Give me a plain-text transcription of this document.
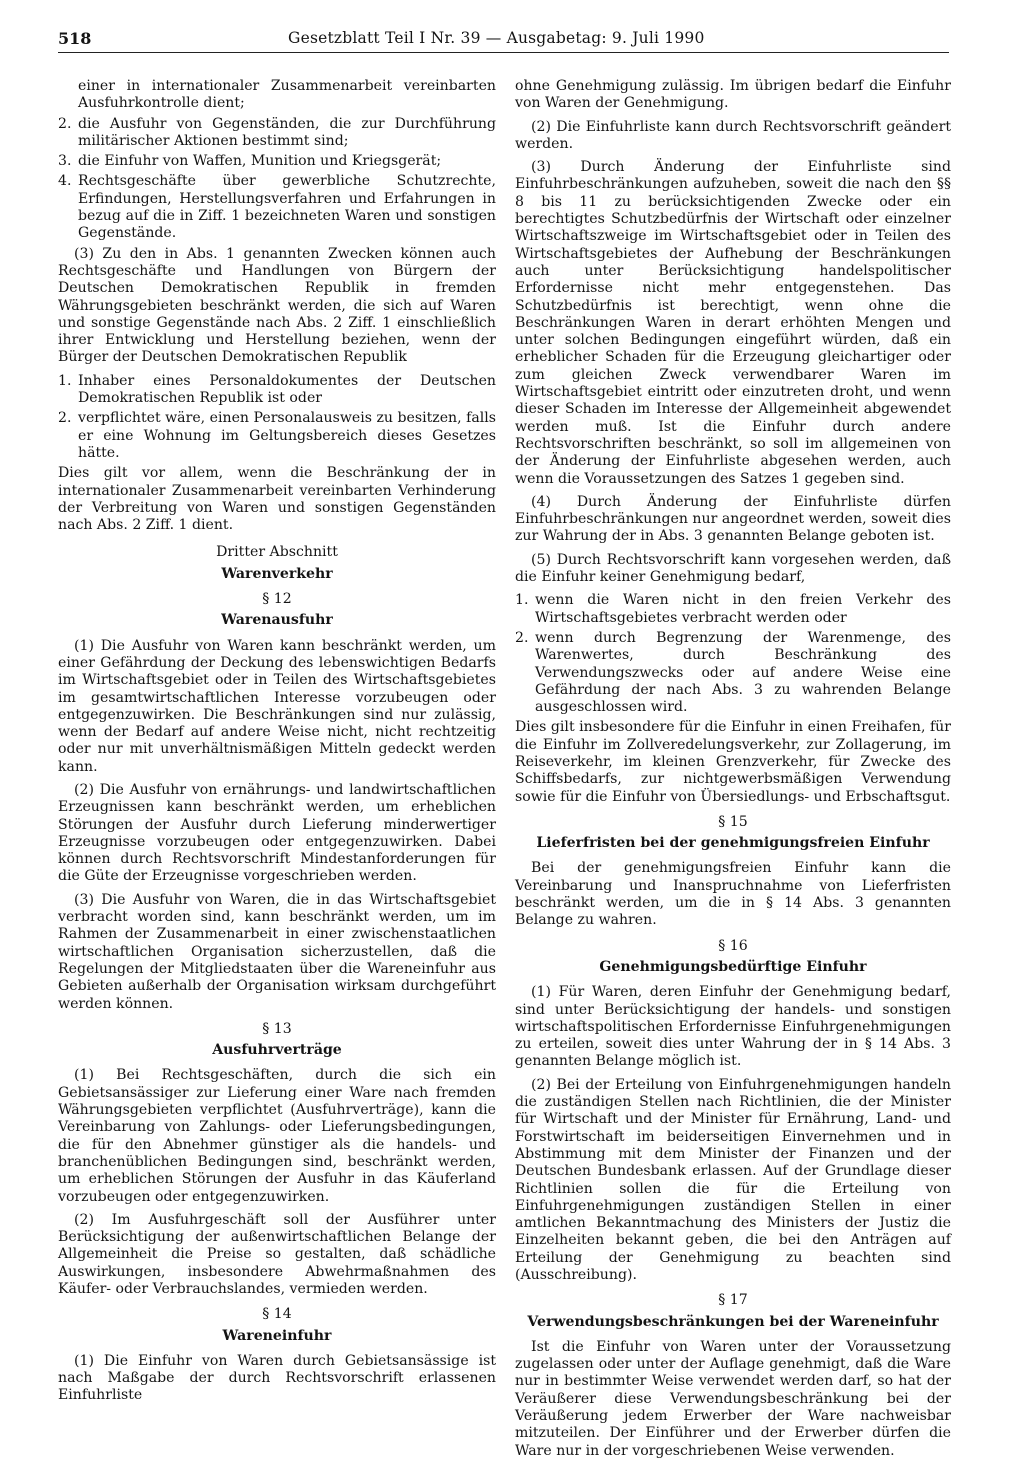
518	Gesetzblatt Teil I Nr. 39 — Ausgabetag: 9. Juli 1990

einer in internationaler Zusammenarbeit vereinbarten Ausfuhrkontrolle dient;

2. die Ausfuhr von Gegenständen, die zur Durchführung militärischer Aktionen bestimmt sind;

3. die Einfuhr von Waffen, Munition und Kriegsgerät;

4. Rechtsgeschäfte über gewerbliche Schutzrechte, Erfindungen, Herstellungsverfahren und Erfahrungen in bezug auf die in Ziff. 1 bezeichneten Waren und sonstigen Gegenstände.

(3) Zu den in Abs. 1 genannten Zwecken können auch Rechtsgeschäfte und Handlungen von Bürgern der Deutschen Demokratischen Republik in fremden Währungsgebieten beschränkt werden, die sich auf Waren und sonstige Gegenstände nach Abs. 2 Ziff. 1 einschließlich ihrer Entwicklung und Herstellung beziehen, wenn der Bürger der Deutschen Demokratischen Republik

1. Inhaber eines Personaldokumentes der Deutschen Demokratischen Republik ist oder

2. verpflichtet wäre, einen Personalausweis zu besitzen, falls er eine Wohnung im Geltungsbereich dieses Gesetzes hätte.

Dies gilt vor allem, wenn die Beschränkung der in internationaler Zusammenarbeit vereinbarten Verhinderung der Verbreitung von Waren und sonstigen Gegenständen nach Abs. 2 Ziff. 1 dient.

Dritter Abschnitt

Warenverkehr

§ 12

Warenausfuhr

(1) Die Ausfuhr von Waren kann beschränkt werden, um einer Gefährdung der Deckung des lebenswichtigen Bedarfs im Wirtschaftsgebiet oder in Teilen des Wirtschaftsgebietes im gesamtwirtschaftlichen Interesse vorzubeugen oder entgegenzuwirken. Die Beschränkungen sind nur zulässig, wenn der Bedarf auf andere Weise nicht, nicht rechtzeitig oder nur mit unverhältnismäßigen Mitteln gedeckt werden kann.

(2) Die Ausfuhr von ernährungs- und landwirtschaftlichen Erzeugnissen kann beschränkt werden, um erheblichen Störungen der Ausfuhr durch Lieferung minderwertiger Erzeugnisse vorzubeugen oder entgegenzuwirken. Dabei können durch Rechtsvorschrift Mindestanforderungen für die Güte der Erzeugnisse vorgeschrieben werden.

(3) Die Ausfuhr von Waren, die in das Wirtschaftsgebiet verbracht worden sind, kann beschränkt werden, um im Rahmen der Zusammenarbeit in einer zwischenstaatlichen wirtschaftlichen Organisation sicherzustellen, daß die Regelungen der Mitgliedstaaten über die Wareneinfuhr aus Gebieten außerhalb der Organisation wirksam durchgeführt werden können.

§ 13

Ausfuhrverträge

(1) Bei Rechtsgeschäften, durch die sich ein Gebietsansässiger zur Lieferung einer Ware nach fremden Währungsgebieten verpflichtet (Ausfuhrverträge), kann die Vereinbarung von Zahlungs- oder Lieferungsbedingungen, die für den Abnehmer günstiger als die handels- und branchenüblichen Bedingungen sind, beschränkt werden, um erheblichen Störungen der Ausfuhr in das Käuferland vorzubeugen oder entgegenzuwirken.

(2) Im Ausfuhrgeschäft soll der Ausführer unter Berücksichtigung der außenwirtschaftlichen Belange der Allgemeinheit die Preise so gestalten, daß schädliche Auswirkungen, insbesondere Abwehrmaßnahmen des Käufer- oder Verbrauchslandes, vermieden werden.

§ 14

Wareneinfuhr

(1) Die Einfuhr von Waren durch Gebietsansässige ist nach Maßgabe der durch Rechtsvorschrift erlassenen Einfuhrliste

ohne Genehmigung zulässig. Im übrigen bedarf die Einfuhr von Waren der Genehmigung.

(2) Die Einfuhrliste kann durch Rechtsvorschrift geändert werden.

(3) Durch Änderung der Einfuhrliste sind Einfuhrbeschränkungen aufzuheben, soweit die nach den §§ 8 bis 11 zu berücksichtigenden Zwecke oder ein berechtigtes Schutzbedürfnis der Wirtschaft oder einzelner Wirtschaftszweige im Wirtschaftsgebiet oder in Teilen des Wirtschaftsgebietes der Aufhebung der Beschränkungen auch unter Berücksichtigung handelspolitischer Erfordernisse nicht mehr entgegenstehen. Das Schutzbedürfnis ist berechtigt, wenn ohne die Beschränkungen Waren in derart erhöhten Mengen und unter solchen Bedingungen eingeführt würden, daß ein erheblicher Schaden für die Erzeugung gleichartiger oder zum gleichen Zweck verwendbarer Waren im Wirtschaftsgebiet eintritt oder einzutreten droht, und wenn dieser Schaden im Interesse der Allgemeinheit abgewendet werden muß. Ist die Einfuhr durch andere Rechtsvorschriften beschränkt, so soll im allgemeinen von der Änderung der Einfuhrliste abgesehen werden, auch wenn die Voraussetzungen des Satzes 1 gegeben sind.

(4) Durch Änderung der Einfuhrliste dürfen Einfuhrbeschränkungen nur angeordnet werden, soweit dies zur Wahrung der in Abs. 3 genannten Belange geboten ist.

(5) Durch Rechtsvorschrift kann vorgesehen werden, daß die Einfuhr keiner Genehmigung bedarf,

1. wenn die Waren nicht in den freien Verkehr des Wirtschaftsgebietes verbracht werden oder

2. wenn durch Begrenzung der Warenmenge, des Warenwertes, durch Beschränkung des Verwendungszwecks oder auf andere Weise eine Gefährdung der nach Abs. 3 zu wahrenden Belange ausgeschlossen wird.

Dies gilt insbesondere für die Einfuhr in einen Freihafen, für die Einfuhr im Zollveredelungsverkehr, zur Zollagerung, im Reiseverkehr, im kleinen Grenzverkehr, für Zwecke des Schiffsbedarfs, zur nichtgewerbsmäßigen Verwendung sowie für die Einfuhr von Übersiedlungs- und Erbschaftsgut.

§ 15

Lieferfristen bei der genehmigungsfreien Einfuhr

Bei der genehmigungsfreien Einfuhr kann die Vereinbarung und Inanspruchnahme von Lieferfristen beschränkt werden, um die in § 14 Abs. 3 genannten Belange zu wahren.

§ 16

Genehmigungsbedürftige Einfuhr

(1) Für Waren, deren Einfuhr der Genehmigung bedarf, sind unter Berücksichtigung der handels- und sonstigen wirtschaftspolitischen Erfordernisse Einfuhrgenehmigungen zu erteilen, soweit dies unter Wahrung der in § 14 Abs. 3 genannten Belange möglich ist.

(2) Bei der Erteilung von Einfuhrgenehmigungen handeln die zuständigen Stellen nach Richtlinien, die der Minister für Wirtschaft und der Minister für Ernährung, Land- und Forstwirtschaft im beiderseitigen Einvernehmen und in Abstimmung mit dem Minister der Finanzen und der Deutschen Bundesbank erlassen. Auf der Grundlage dieser Richtlinien sollen die für die Erteilung von Einfuhrgenehmigungen zuständigen Stellen in einer amtlichen Bekanntmachung des Ministers der Justiz die Einzelheiten bekannt geben, die bei den Anträgen auf Erteilung der Genehmigung zu beachten sind (Ausschreibung).

§ 17

Verwendungsbeschränkungen bei der Wareneinfuhr

Ist die Einfuhr von Waren unter der Voraussetzung zugelassen oder unter der Auflage genehmigt, daß die Ware nur in bestimmter Weise verwendet werden darf, so hat der Veräußerer diese Verwendungsbeschränkung bei der Veräußerung jedem Erwerber der Ware nachweisbar mitzuteilen. Der Einführer und der Erwerber dürfen die Ware nur in der vorgeschriebenen Weise verwenden.
